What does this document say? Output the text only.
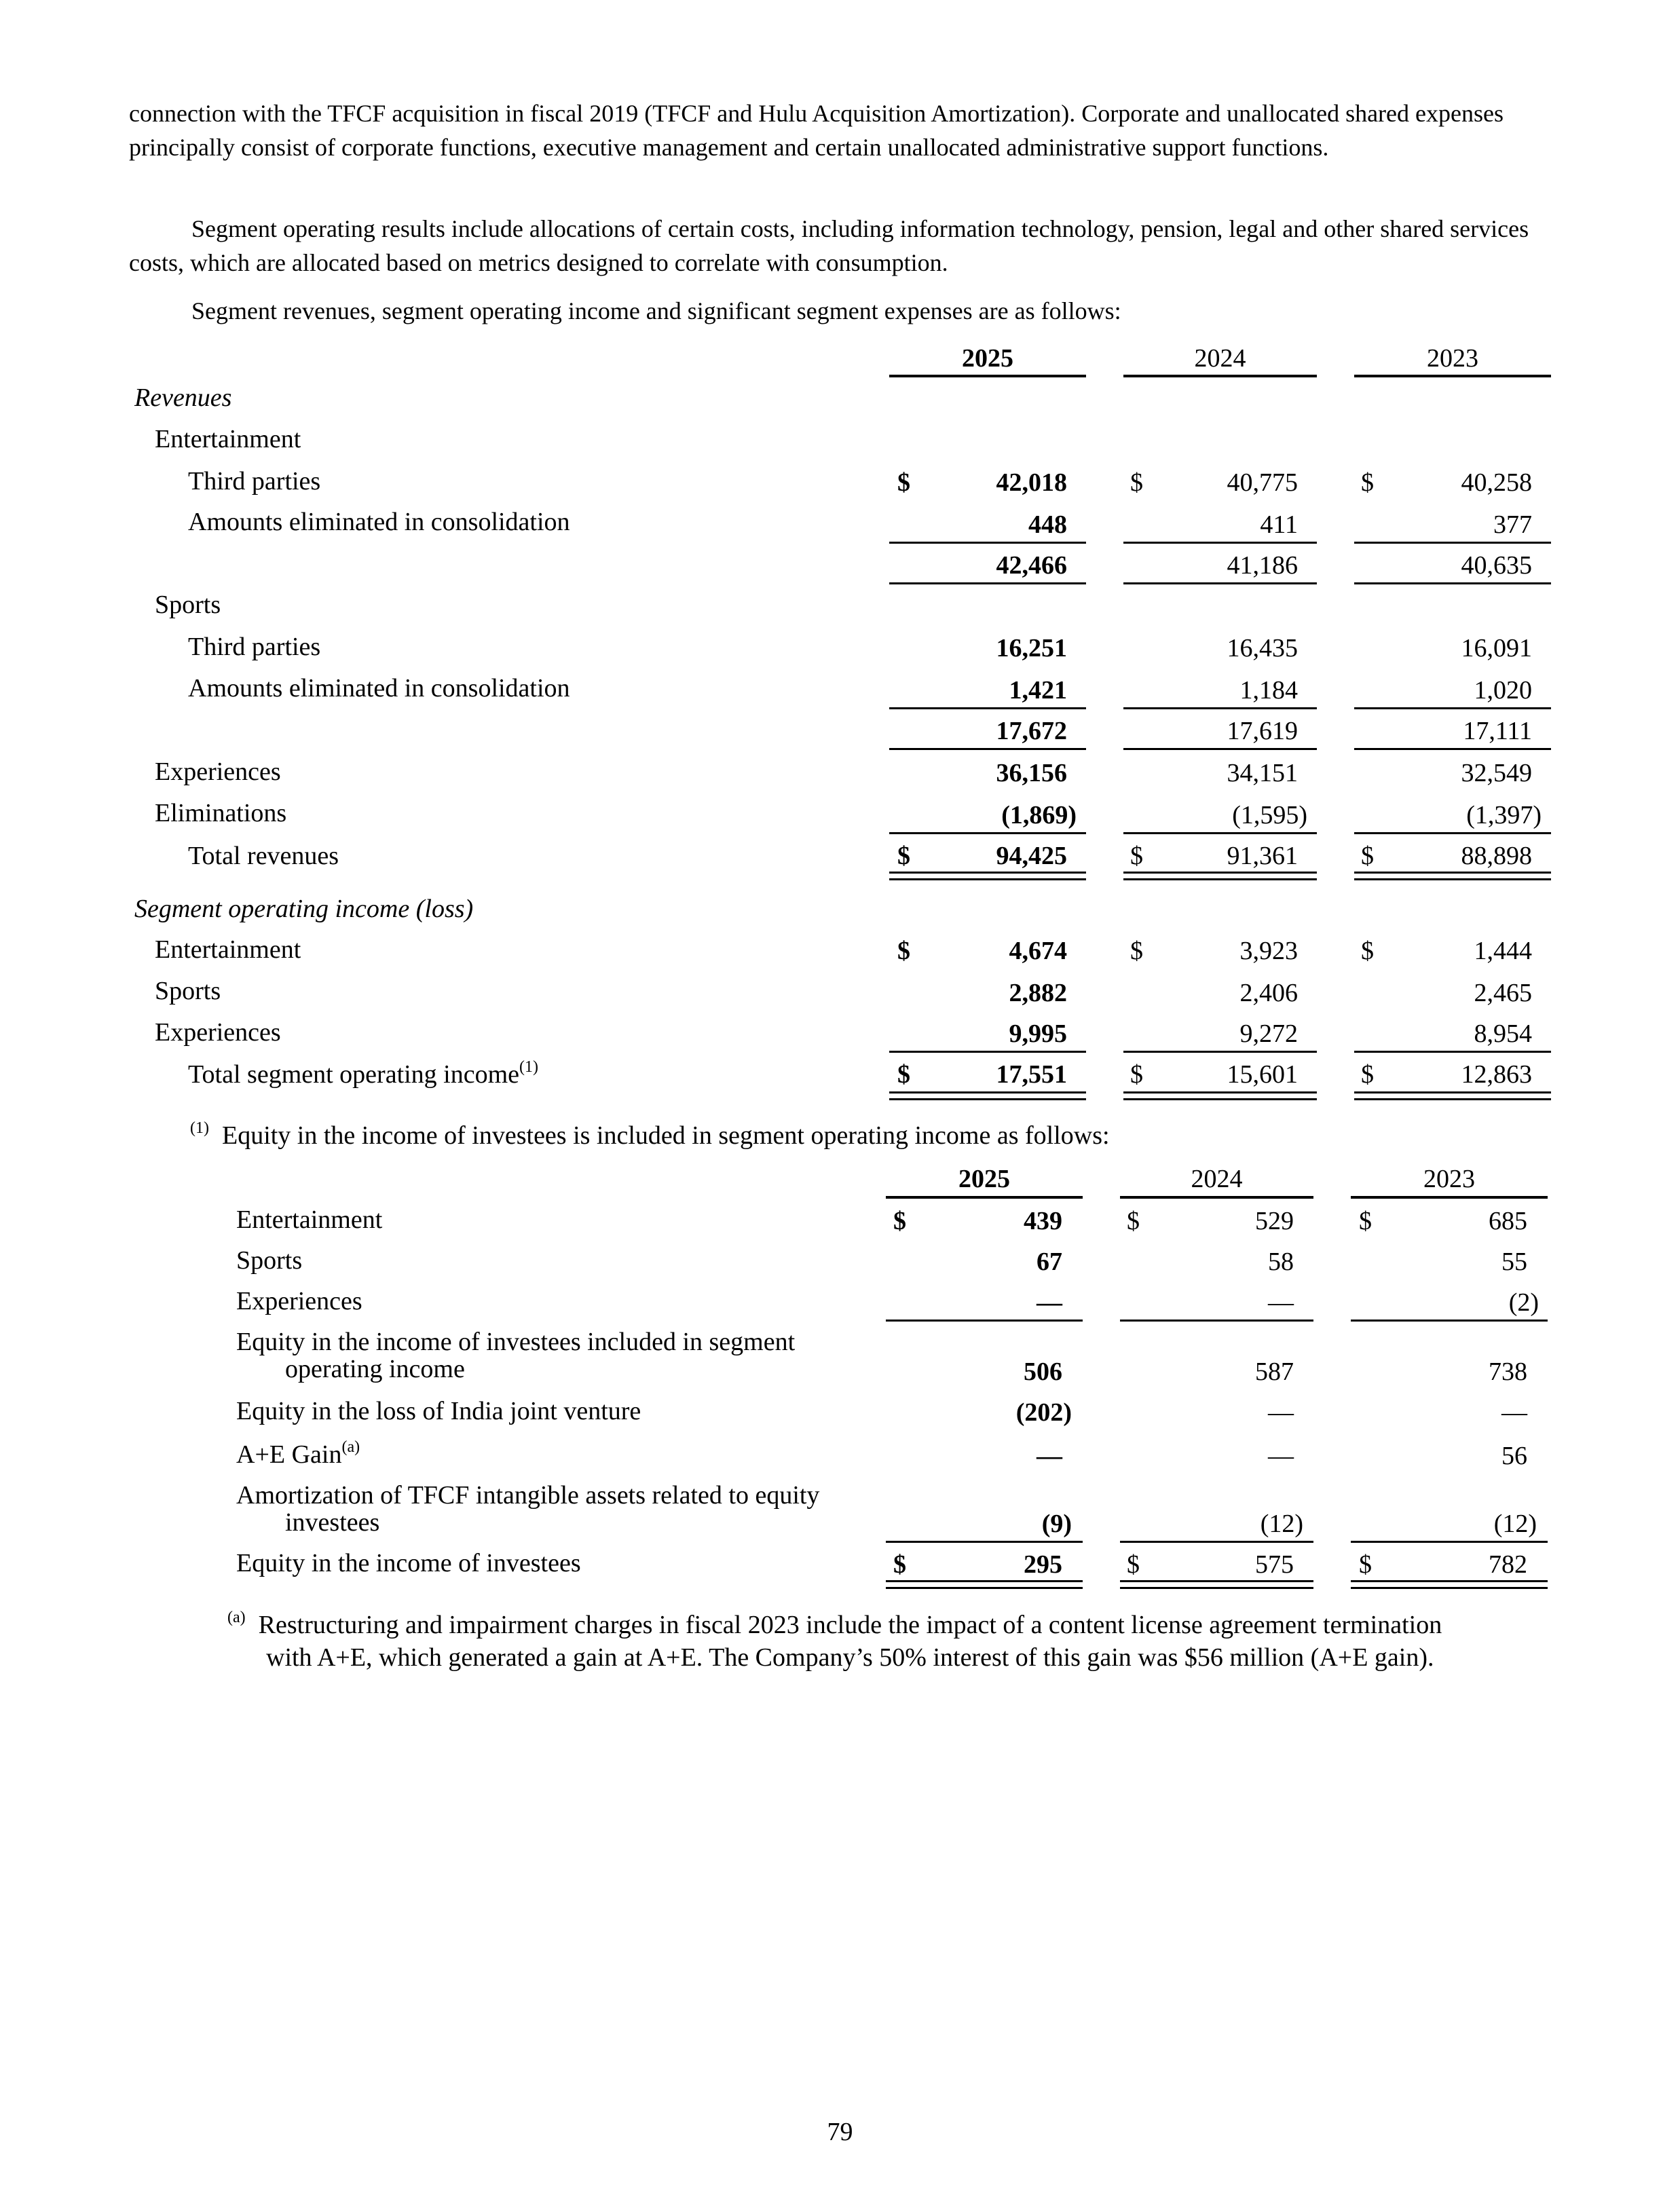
connection with the TFCF acquisition in fiscal 2019 (TFCF and Hulu Acquisition Amortization). Corporate and unallocated shared expenses principally consist of corporate functions, executive management and certain unallocated administrative support functions.

Segment operating results include allocations of certain costs, including information technology, pension, legal and other shared services costs, which are allocated based on metrics designed to correlate with consumption.

Segment revenues, segment operating income and significant segment expenses are as follows:

2025	2024	2023
Revenues
Entertainment
Third parties	$	42,018 $	40,775 $	40,258
Amounts eliminated in consolidation	448	411	377
42,466	41,186	40,635
Sports
Third parties	16,251	16,435	16,091
Amounts eliminated in consolidation	1,421	1,184	1,020
17,672	17,619	17,111
Experiences	36,156	34,151	32,549
Eliminations	(1,869)	(1,595)	(1,397)
Total revenues	$	94,425 $	91,361 $	88,898
Segment operating income (loss)
Entertainment	$	4,674 $	3,923 $	1,444
Sports	2,882	2,406	2,465
Experiences	9,995	9,272	8,954
Total segment operating income$^{(1)}$	$	17,551 $	15,601 $	12,863
$^{(1)}$ Equity in the income of investees is included in segment operating income as follows:
2025	2024	2023
Entertainment	$	439	$	529	$	685
Sports	67	58	55
Experiences	—	—	(2)
Equity in the income of investees included in segment
operating income	506	587	738
Equity in the loss of India joint venture	(202)	—	—
A+E Gain$^{(a)}$	—	—	56
Amortization of TFCF intangible assets related to equity
investees	(9)	(12)	(12)
Equity in the income of investees	$	295	$	575	$	782
$^{(a)}$ Restructuring and impairment charges in fiscal 2023 include the impact of a content license agreement termination
with A+E, which generated a gain at A+E. The Company’s 50% interest of this gain was $56 million (A+E gain).
79
